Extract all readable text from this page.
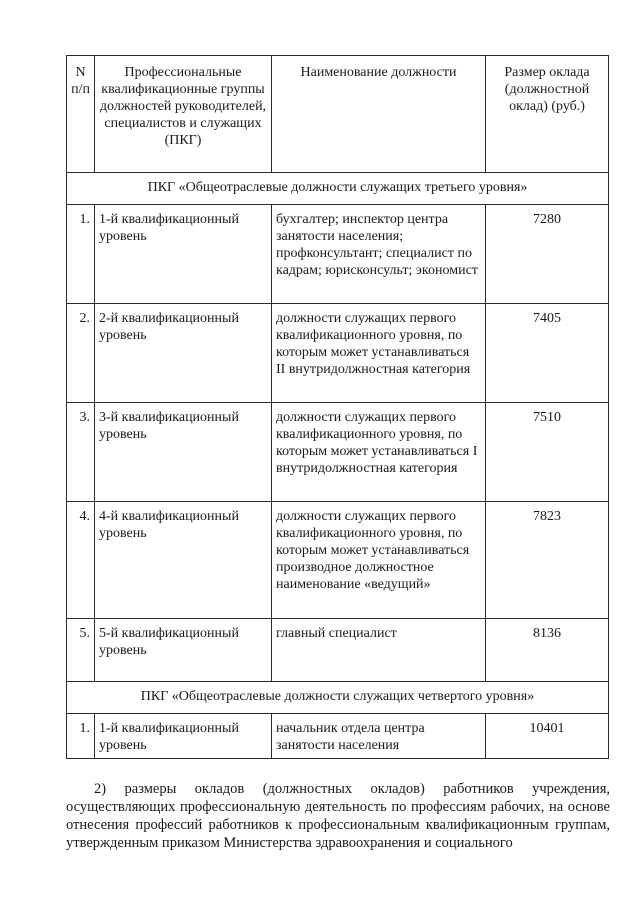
N п/п	Профессиональные квалификационные группы должностей руководителей, специалистов и служащих (ПКГ)	Наименование должности	Размер оклада (должностной оклад) (руб.)
ПКГ «Общеотраслевые должности служащих третьего уровня»			
1.	1-й квалификационный уровень	бухгалтер; инспектор центра занятости населения; профконсультант; специалист по кадрам; юрисконсульт; экономист	7280
2.	2-й квалификационный уровень	должности служащих первого квалификационного уровня, по которым может устанавливаться II внутридолжностная категория	7405
3.	3-й квалификационный уровень	должности служащих первого квалификационного уровня, по которым может устанавливаться I внутридолжностная категория	7510
4.	4-й квалификационный уровень	должности служащих первого квалификационного уровня, по которым может устанавливаться производное должностное наименование «ведущий»	7823
5.	5-й квалификационный уровень	главный специалист	8136
ПКГ «Общеотраслевые должности служащих четвертого уровня»			
1.	1-й квалификационный уровень	начальник отдела центра занятости населения	10401

2) размеры окладов (должностных окладов) работников учреждения, осуществляющих профессиональную деятельность по профессиям рабочих, на основе отнесения профессий работников к профессиональным квалификационным группам, утвержденным приказом Министерства здравоохранения и социального
